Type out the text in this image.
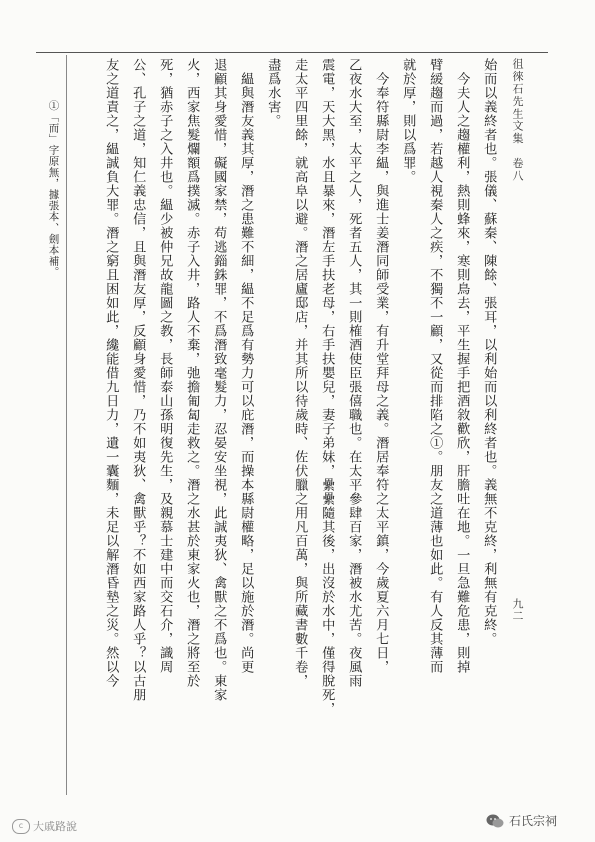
九二
徂徠石先生文集　卷八
始而以義終者也。張儀、蘇秦、陳餘、張耳，以利始而以利終者也。義無不克終，利無有克終。
　今夫人之趨權利，熱則蜂來，寒則鳥去，平生握手把酒敘歡欣，肝膽吐在地。一旦急難危患，則掉
臂緩趨而過，若越人視秦人之疾，不獨不一顧，又從而排陷之①。朋友之道薄也如此。有人反其薄而
就於厚，則以爲罪。
　今奉符縣尉李緼，與進士姜潛同師受業，有升堂拜母之義。潛居奉符之太平鎮，今歲夏六月七日，
乙夜水大至，太平之人，死者五人，其一則榷酒使臣張僖職也。在太平參肆百家，潛被水尤苦。夜風雨
震電，天大黑，水且暴來，潛左手扶老母，右手扶嬰兒，妻子弟妹，纍纍隨其後，出沒於水中，僅得脫死，
走太平四里餘，就高阜以避。潛之居廬邸店，并其所以待歲時、佐伏臘之用凡百萬，與所藏書數千卷，
盡爲水害。
　緼與潛友義其厚，潛之患難不細，緼不足爲有勢力可以庇潛，而操本縣尉權略，足以施於潛。尚更
退顧其身愛惜，礙國家禁，苟逃錙銖罪，不爲潛致毫髮力，忍晏安坐視，此誠夷狄、禽獸之不爲也。東家
火，西家焦髮爛額爲撲滅。赤子入井，路人不棄，弛擔匍匐走救之。潛之水甚於東家火也，潛之將至於
死，猶赤子之入井也。緼少被仲兄故龍圖之教，長師泰山孫明復先生，及親慕士建中而交石介，識周
公、孔子之道，知仁義忠信，且與潛友厚，反顧身愛惜，乃不如夷狄、禽獸乎？不如西家路人乎？以古朋
友之道責之，緼誠負大罪。潛之窮且困如此，纔能借九日力，遺一囊麵，未足以解潛昏墊之災。然以今
①「而」字原無，據張本、劍本補。
c 大戚路說	石氏宗祠
